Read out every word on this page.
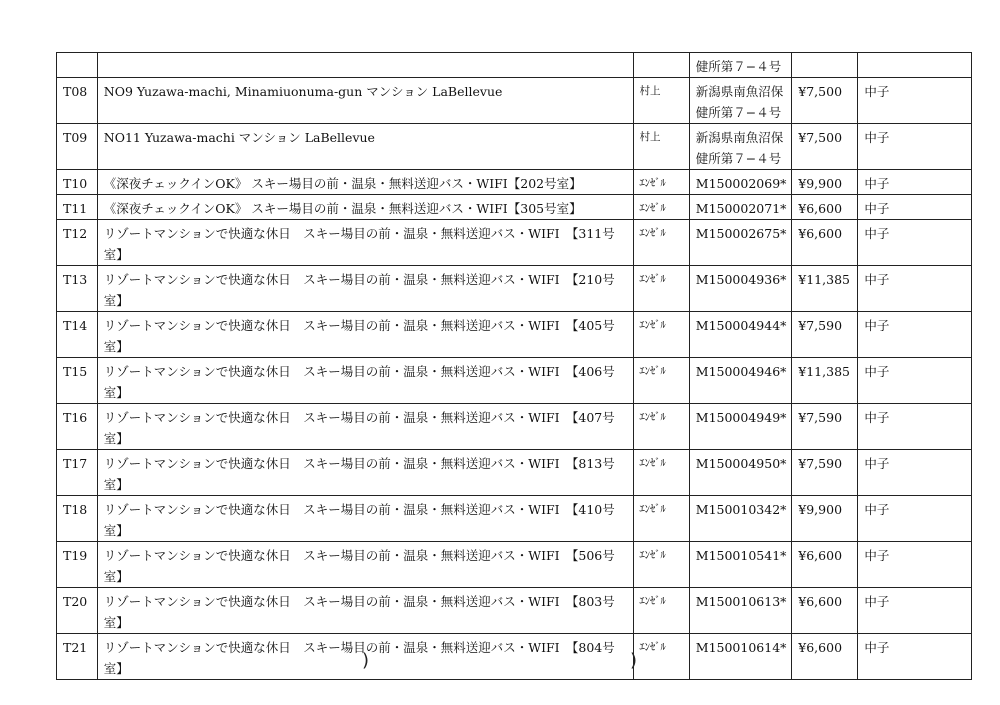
			健所第７−４号		
T08	NO9 Yuzawa-machi, Minamiuonuma-gun マンション LaBellevue	村上	新潟県南魚沼保健所第７−４号	¥7,500	中子
T09	NO11 Yuzawa-machi マンション LaBellevue	村上	新潟県南魚沼保健所第７−４号	¥7,500	中子
T10	《深夜チェックインOK》 スキー場目の前・温泉・無料送迎バス・WIFI【202号室】	ｴﾝｾﾞﾙ	M150002069*	¥9,900	中子
T11	《深夜チェックインOK》 スキー場目の前・温泉・無料送迎バス・WIFI【305号室】	ｴﾝｾﾞﾙ	M150002071*	¥6,600	中子
T12	リゾートマンションで快適な休日　スキー場目の前・温泉・無料送迎バス・WIFI　【311号室】	ｴﾝｾﾞﾙ	M150002675*	¥6,600	中子
T13	リゾートマンションで快適な休日　スキー場目の前・温泉・無料送迎バス・WIFI　【210号室】	ｴﾝｾﾞﾙ	M150004936*	¥11,385	中子
T14	リゾートマンションで快適な休日　スキー場目の前・温泉・無料送迎バス・WIFI　【405号室】	ｴﾝｾﾞﾙ	M150004944*	¥7,590	中子
T15	リゾートマンションで快適な休日　スキー場目の前・温泉・無料送迎バス・WIFI　【406号室】	ｴﾝｾﾞﾙ	M150004946*	¥11,385	中子
T16	リゾートマンションで快適な休日　スキー場目の前・温泉・無料送迎バス・WIFI　【407号室】	ｴﾝｾﾞﾙ	M150004949*	¥7,590	中子
T17	リゾートマンションで快適な休日　スキー場目の前・温泉・無料送迎バス・WIFI　【813号室】	ｴﾝｾﾞﾙ	M150004950*	¥7,590	中子
T18	リゾートマンションで快適な休日　スキー場目の前・温泉・無料送迎バス・WIFI　【410号室】	ｴﾝｾﾞﾙ	M150010342*	¥9,900	中子
T19	リゾートマンションで快適な休日　スキー場目の前・温泉・無料送迎バス・WIFI　【506号室】	ｴﾝｾﾞﾙ	M150010541*	¥6,600	中子
T20	リゾートマンションで快適な休日　スキー場目の前・温泉・無料送迎バス・WIFI　【803号室】	ｴﾝｾﾞﾙ	M150010613*	¥6,600	中子
T21	リゾートマンションで快適な休日　スキー場目の前・温泉・無料送迎バス・WIFI　【804号室】	ｴﾝｾﾞﾙ	M150010614*	¥6,600	中子
)	)
